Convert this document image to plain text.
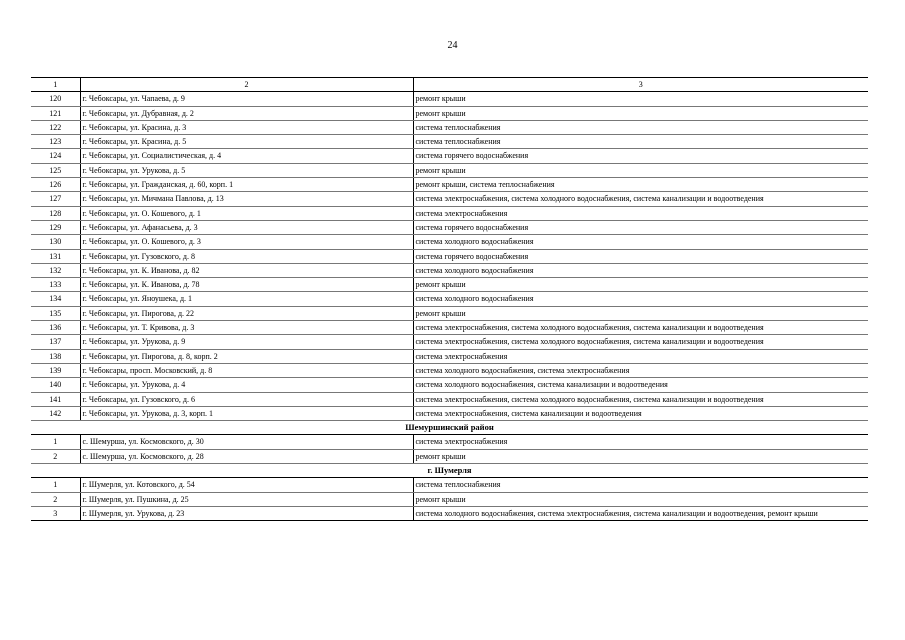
24
1	2	3
120	г. Чебоксары, ул. Чапаева, д. 9	ремонт крыши
121	г. Чебоксары, ул. Дубравная, д. 2	ремонт крыши
122	г. Чебоксары, ул. Красина, д. 3	система теплоснабжения
123	г. Чебоксары, ул. Красина, д. 5	система теплоснабжения
124	г. Чебоксары, ул. Социалистическая, д. 4	система горячего водоснабжения
125	г. Чебоксары, ул. Урукова, д. 5	ремонт крыши
126	г. Чебоксары, ул. Гражданская, д. 60, корп. 1	ремонт крыши, система теплоснабжения
127	г. Чебоксары, ул. Мичмана Павлова, д. 13	система электроснабжения, система холодного водоснабжения, система канализации и водоотведения
128	г. Чебоксары, ул. О. Кошевого, д. 1	система электроснабжения
129	г. Чебоксары, ул. Афанасьева, д. 3	система горячего водоснабжения
130	г. Чебоксары, ул. О. Кошевого, д. 3	система холодного водоснабжения
131	г. Чебоксары, ул. Гузовского, д. 8	система горячего водоснабжения
132	г. Чебоксары, ул. К. Иванова, д. 82	система холодного водоснабжения
133	г. Чебоксары, ул. К. Иванова, д. 78	ремонт крыши
134	г. Чебоксары, ул. Яноушека, д. 1	система холодного водоснабжения
135	г. Чебоксары, ул. Пирогова, д. 22	ремонт крыши
136	г. Чебоксары, ул. Т. Кривова, д. 3	система электроснабжения, система холодного водоснабжения, система канализации и водоотведения
137	г. Чебоксары, ул. Урукова, д. 9	система электроснабжения, система холодного водоснабжения, система канализации и водоотведения
138	г. Чебоксары, ул. Пирогова, д. 8, корп. 2	система электроснабжения
139	г. Чебоксары, просп. Московский, д. 8	система холодного водоснабжения, система электроснабжения
140	г. Чебоксары, ул. Урукова, д. 4	система холодного водоснабжения, система канализации и водоотведения
141	г. Чебоксары, ул. Гузовского, д. 6	система электроснабжения, система холодного водоснабжения, система канализации и водоотведения
142	г. Чебоксары, ул. Урукова, д. 3, корп. 1	система электроснабжения, система канализации и водоотведения
Шемуршинский район		
1	с. Шемурша, ул. Космовского, д. 30	система электроснабжения
2	с. Шемурша, ул. Космовского, д. 28	ремонт крыши
г. Шумерля		
1	г. Шумерля, ул. Котовского, д. 54	система теплоснабжения
2	г. Шумерля, ул. Пушкина, д. 25	ремонт крыши
3	г. Шумерля, ул. Урукова, д. 23	система холодного водоснабжения, система электроснабжения, система канализации и водоотведения, ремонт крыши
